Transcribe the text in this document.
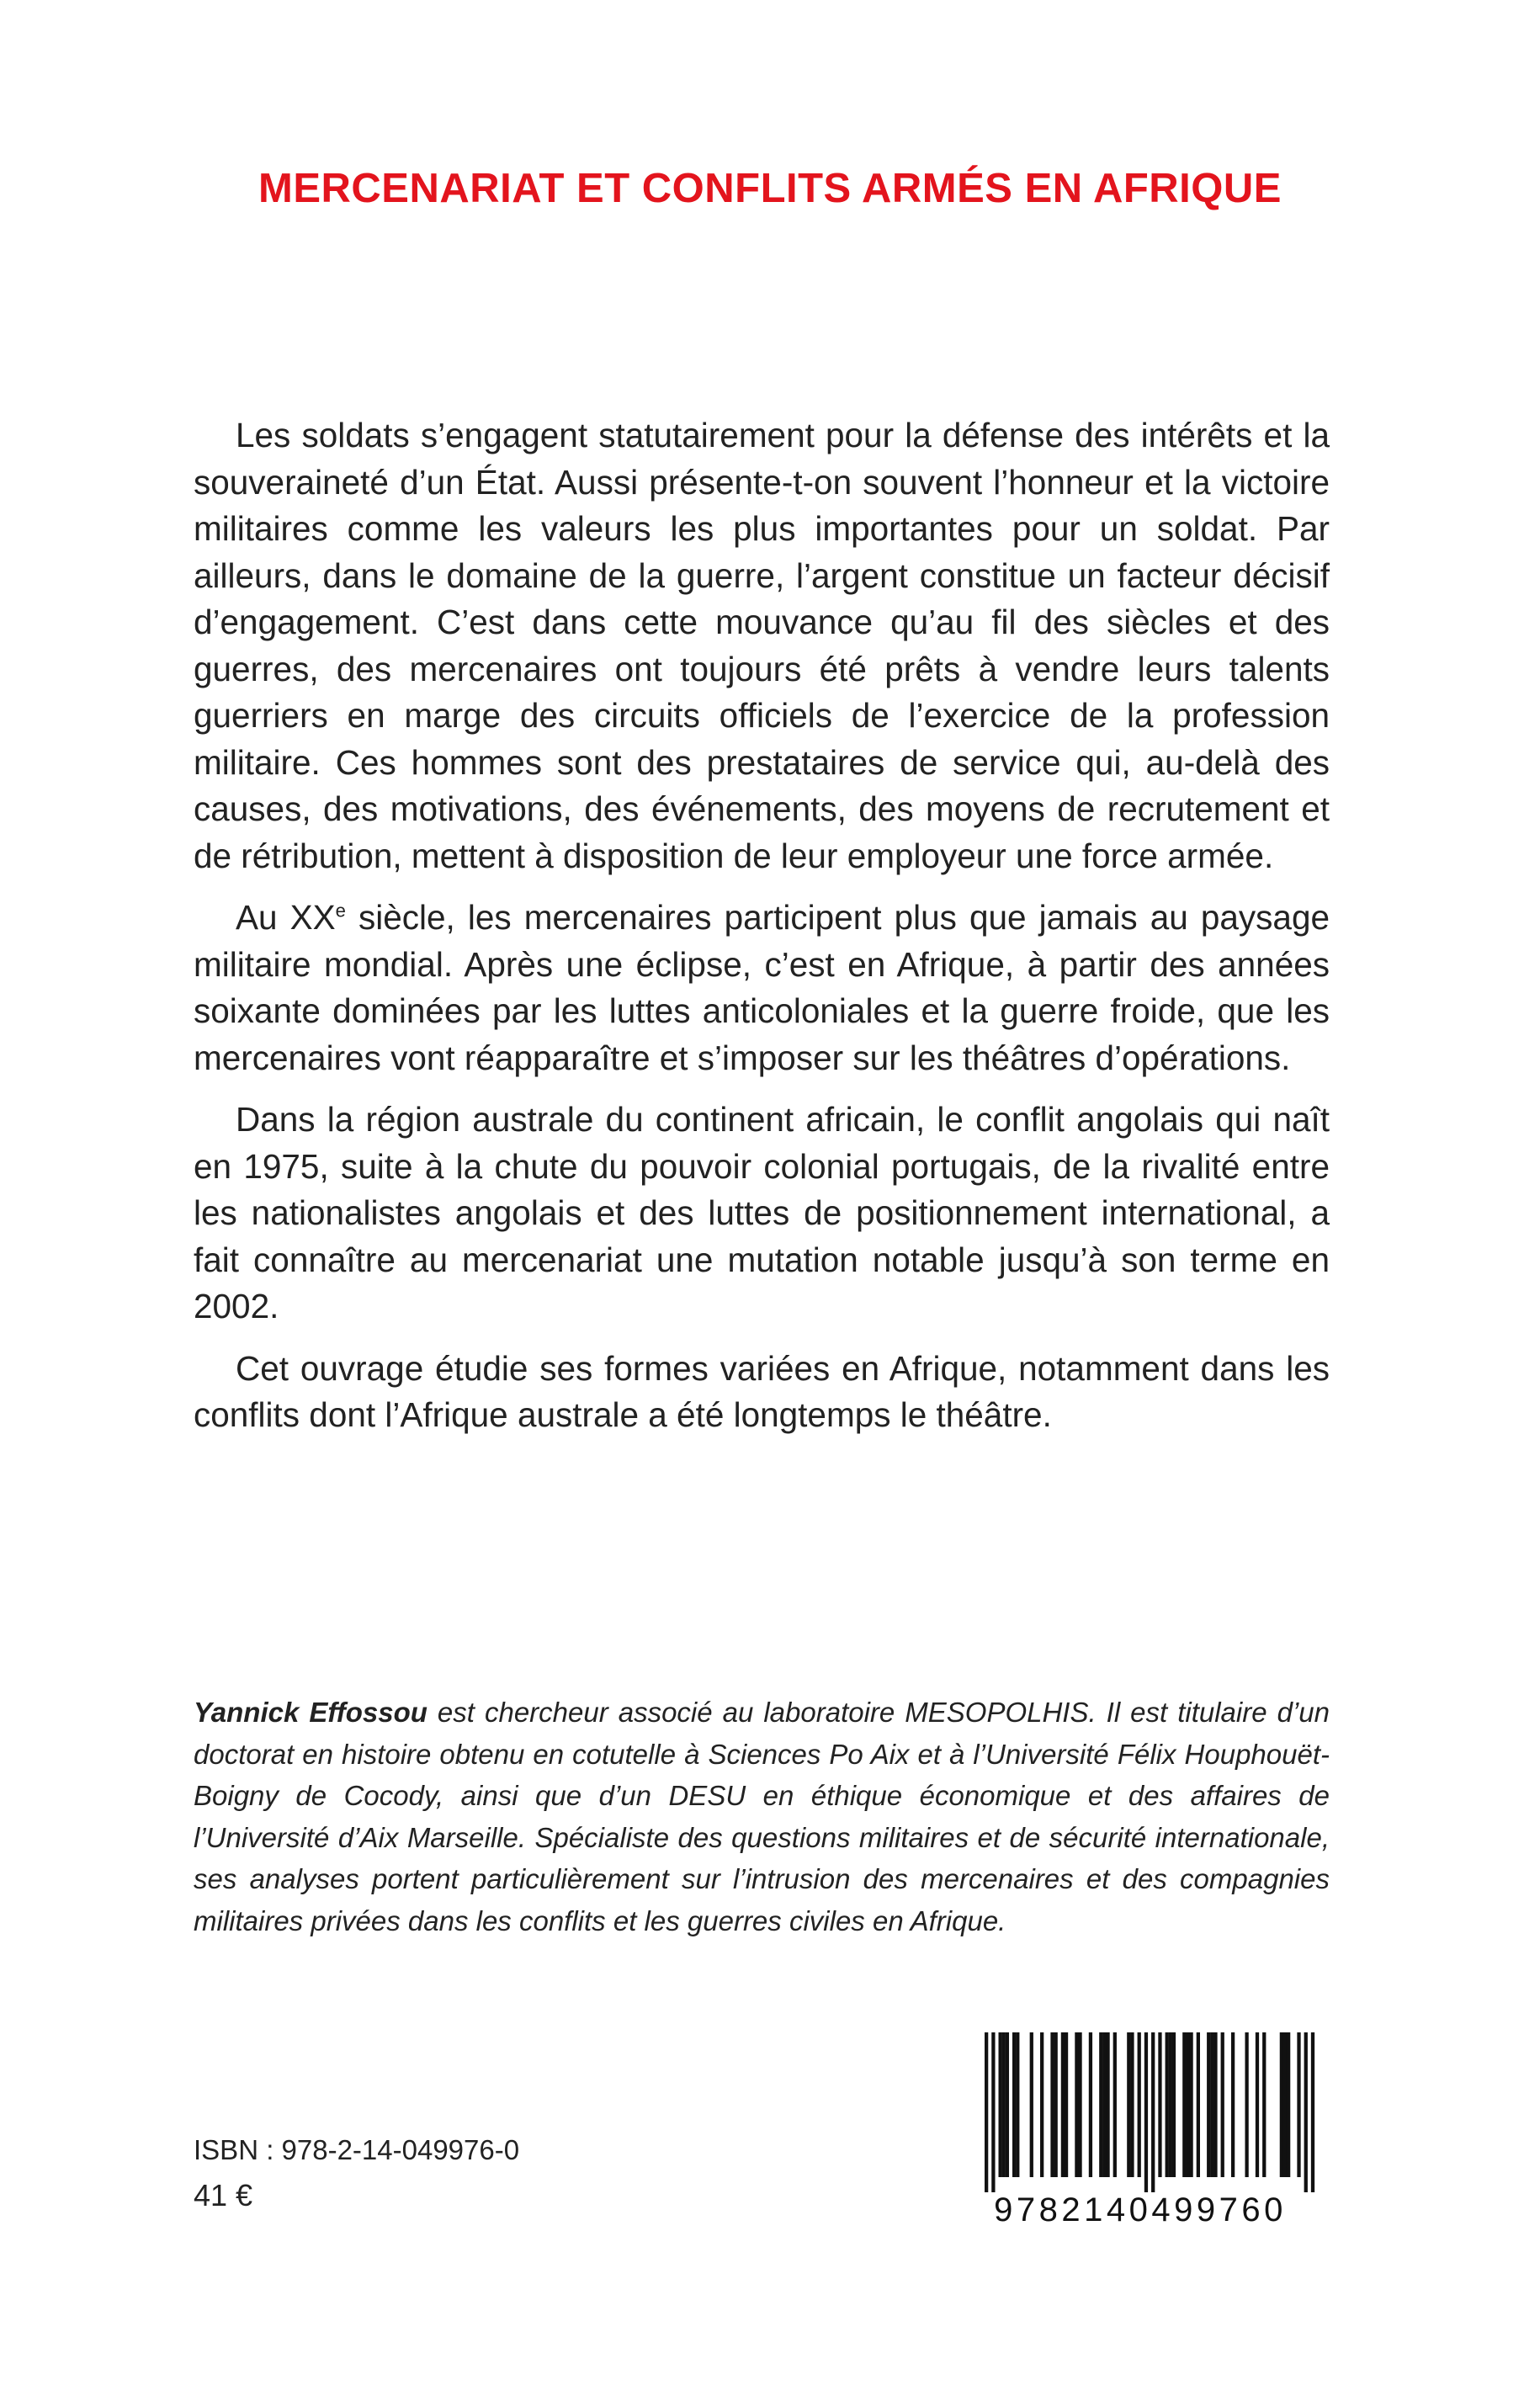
MERCENARIAT ET CONFLITS ARMÉS EN AFRIQUE

Les soldats s’engagent statutairement pour la défense des intérêts et la souveraineté d’un État. Aussi présente-t-on souvent l’honneur et la victoire militaires comme les valeurs les plus importantes pour un soldat. Par ailleurs, dans le domaine de la guerre, l’argent constitue un facteur décisif d’engagement. C’est dans cette mouvance qu’au fil des siècles et des guerres, des mercenaires ont toujours été prêts à vendre leurs talents guerriers en marge des circuits officiels de l’exercice de la profession militaire. Ces hommes sont des prestataires de service qui, au-delà des causes, des motivations, des événements, des moyens de recrutement et de rétribution, mettent à disposition de leur employeur une force armée.

Au XXe siècle, les mercenaires participent plus que jamais au paysage militaire mondial. Après une éclipse, c’est en Afrique, à partir des années soixante dominées par les luttes anticoloniales et la guerre froide, que les mercenaires vont réapparaître et s’imposer sur les théâtres d’opérations.

Dans la région australe du continent africain, le conflit angolais qui naît en 1975, suite à la chute du pouvoir colonial portugais, de la rivalité entre les nationalistes angolais et des luttes de positionnement international, a fait connaître au mercenariat une mutation notable jusqu’à son terme en 2002.

Cet ouvrage étudie ses formes variées en Afrique, notamment dans les conflits dont l’Afrique australe a été longtemps le théâtre.

Yannick Effossou est chercheur associé au laboratoire MESOPOLHIS. Il est titulaire d’un doctorat en histoire obtenu en cotutelle à Sciences Po Aix et à l’Université Félix Houphouët-Boigny de Cocody, ainsi que d’un DESU en éthique économique et des affaires de l’Université d’Aix Marseille. Spécialiste des questions militaires et de sécurité internationale, ses analyses portent particulièrement sur l’intrusion des mercenaires et des compagnies militaires privées dans les conflits et les guerres civiles en Afrique.

ISBN : 978-2-14-049976-0
41 €	9782140499760
